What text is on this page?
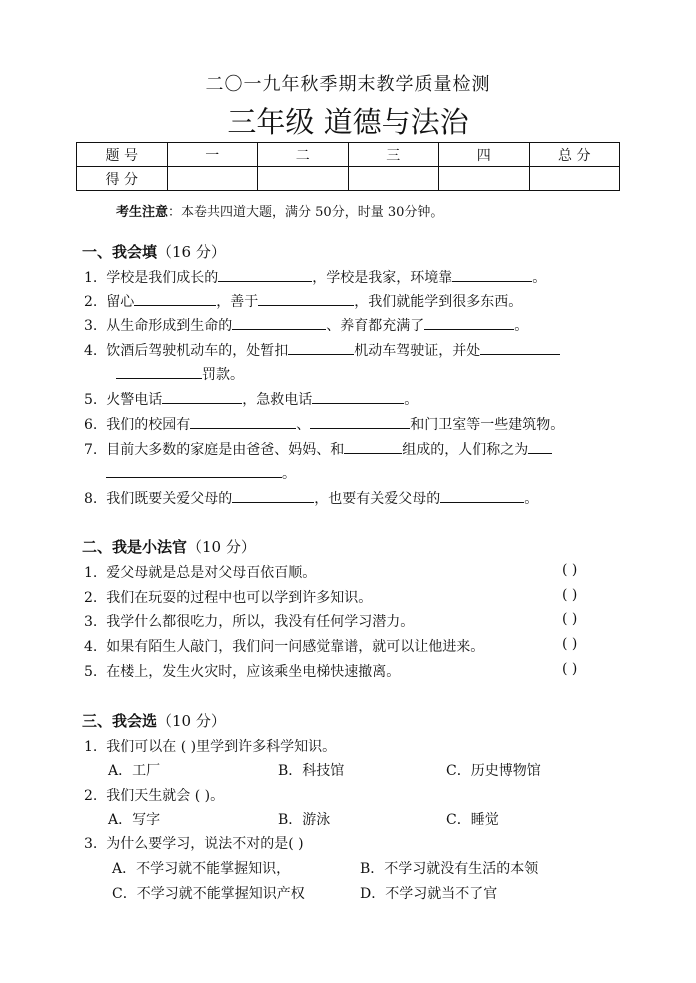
二〇一九年秋季期末教学质量检测
三年级 道德与法治
题 号	一	二	三	四	总 分
得 分					
考生注意：本卷共四道大题，满分 50分，时量 30分钟。
一、我会填（16 分）
1. 学校是我们成长的	，学校是我家，环境靠	。
2. 留心	，善于	，我们就能学到很多东西。
3. 从生命形成到生命的	、养育都充满了	。
4. 饮酒后驾驶机动车的，处暂扣	机动车驾驶证，并处
罚款。
5. 火警电话	，急救电话	。
6. 我们的校园有	、	和门卫室等一些建筑物。
7. 目前大多数的家庭是由爸爸、妈妈、和	组成的，人们称之为
。
8. 我们既要关爱父母的	，也要有关爱父母的	。
二、我是小法官（10 分）
1. 爱父母就是总是对父母百依百顺。	( )
2. 我们在玩耍的过程中也可以学到许多知识。	( )
3. 我学什么都很吃力，所以，我没有任何学习潜力。	( )
4. 如果有陌生人敲门，我们问一问感觉靠谱，就可以让他进来。	( )
5. 在楼上，发生火灾时，应该乘坐电梯快速撤离。	( )
三、我会选（10 分）
1. 我们可以在 ( )里学到许多科学知识。
A．工厂	B．科技馆	C．历史博物馆
2. 我们天生就会 ( )。
A．写字	B．游泳	C．睡觉
3. 为什么要学习，说法不对的是( )
A．不学习就不能掌握知识，	B．不学习就没有生活的本领
C．不学习就不能掌握知识产权	D．不学习就当不了官
